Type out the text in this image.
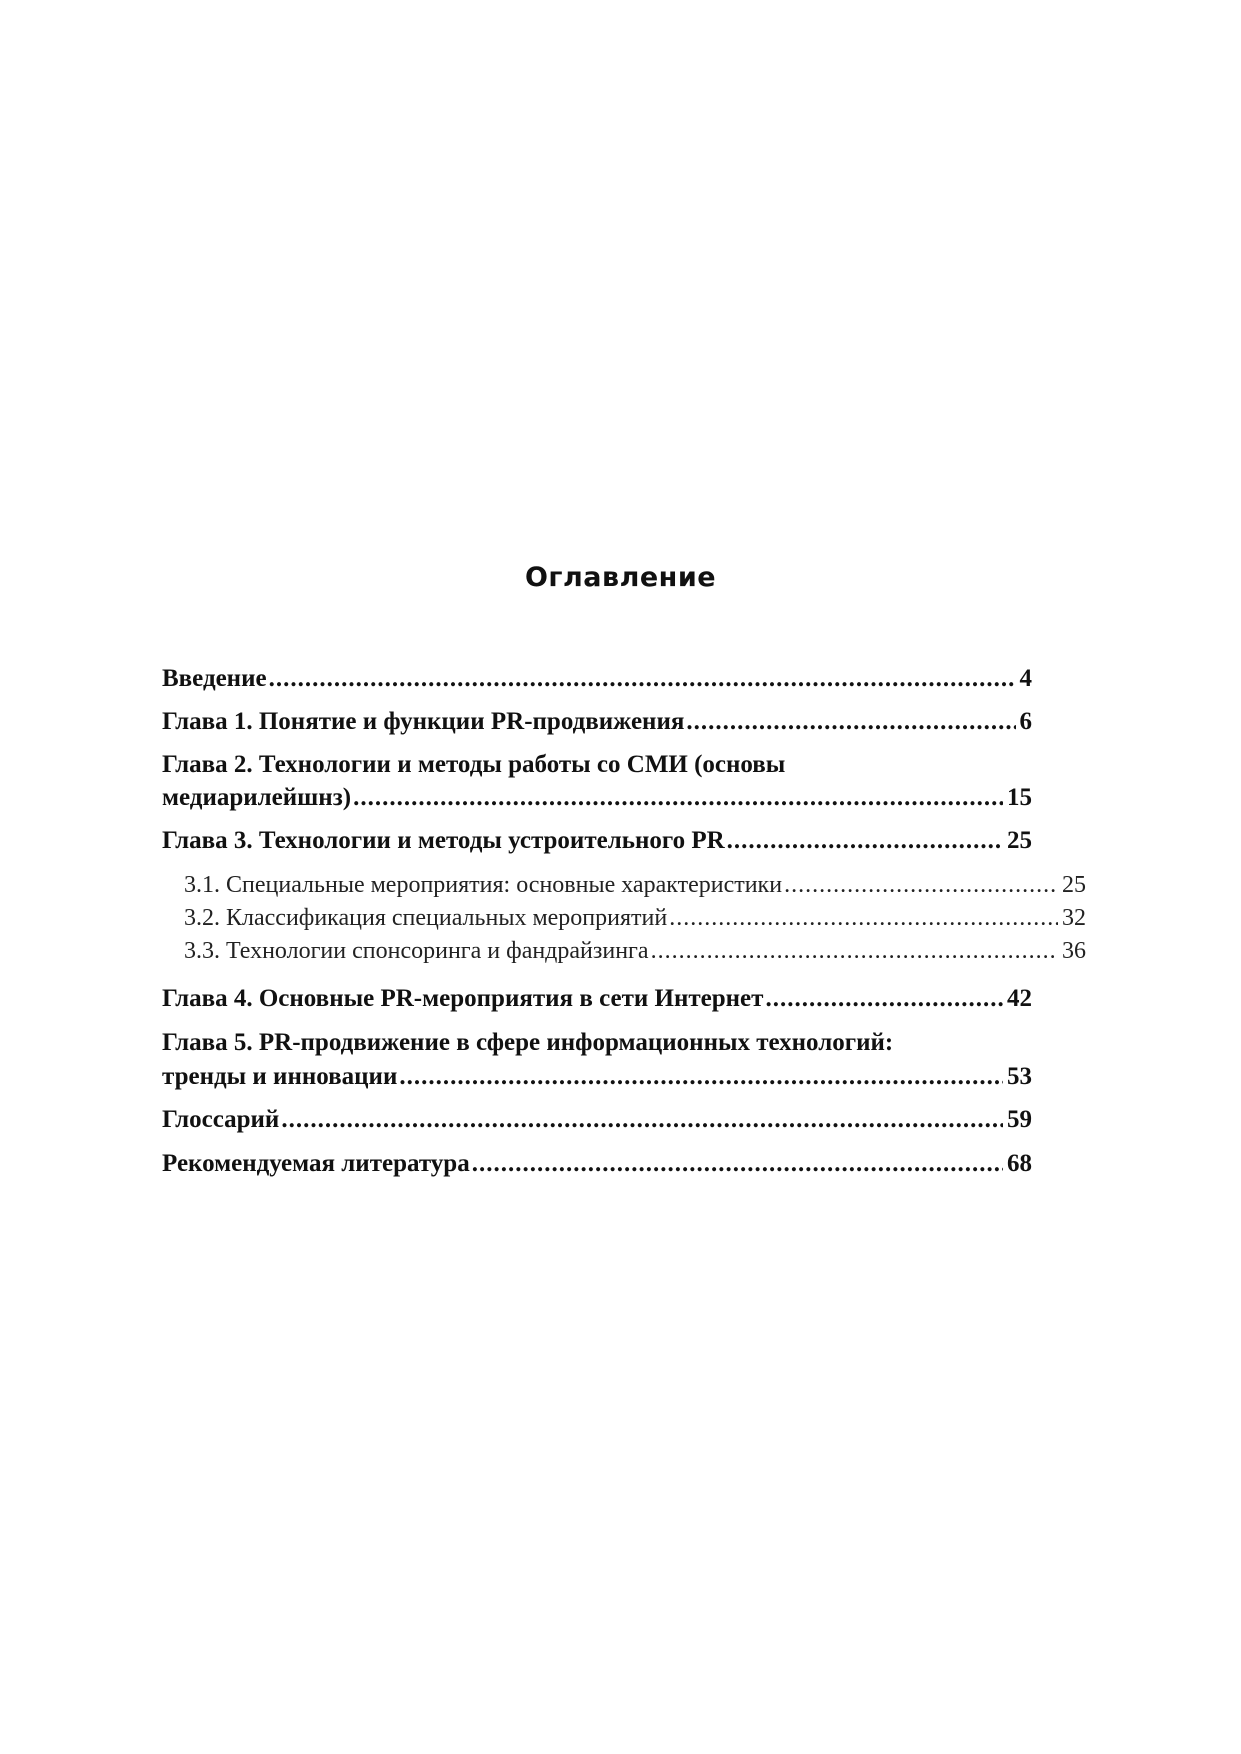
Оглавление
Введение .....	4
Глава 1. Понятие и функции PR-продвижения .....	6
Глава 2. Технологии и методы работы со СМИ (основы
медиарилейшнз) .....	15
Глава 3. Технологии и методы устроительного PR .....	25
3.1. Специальные мероприятия: основные характеристики .....	25
3.2. Классификация специальных мероприятий .....	32
3.3. Технологии спонсоринга и фандрайзинга .....	36
Глава 4. Основные PR-мероприятия в сети Интернет .....	42
Глава 5. PR-продвижение в сфере информационных технологий:
тренды и инновации .....	53
Глоссарий .....	59
Рекомендуемая литература .....	68
